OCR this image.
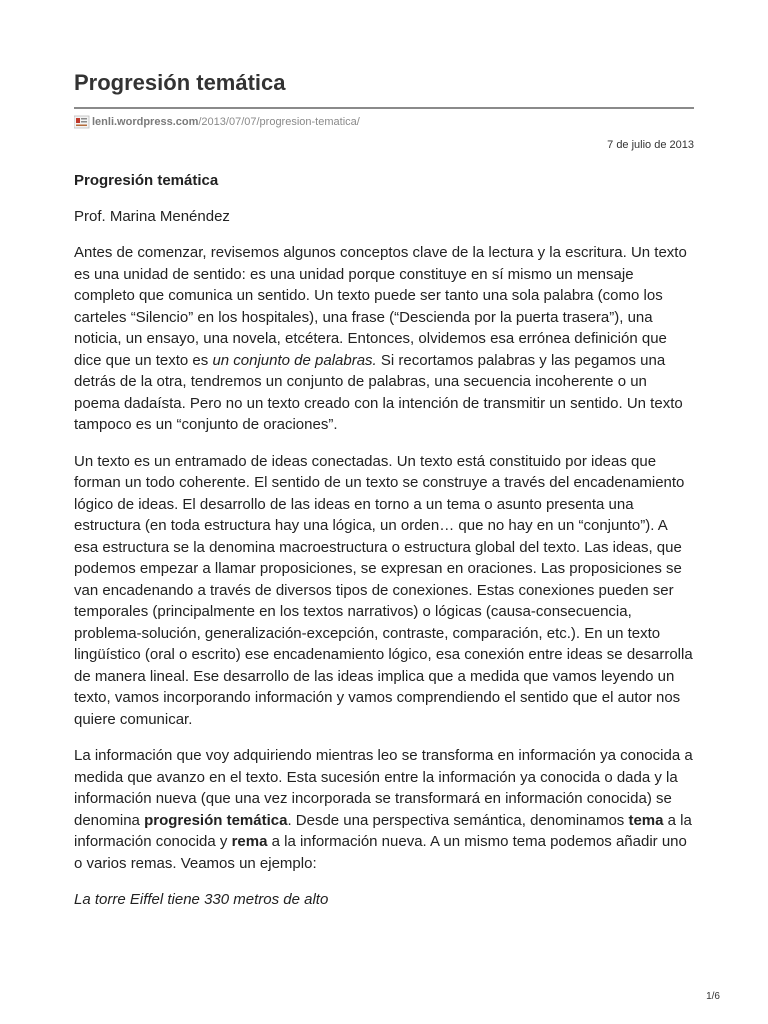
Progresión temática
lenli.wordpress.com /2013/07/07/progresion-tematica/
7 de julio de 2013

Progresión temática

Prof. Marina Menéndez

Antes de comenzar, revisemos algunos conceptos clave de la lectura y la escritura. Un texto es una unidad de sentido: es una unidad porque constituye en sí mismo un mensaje completo que comunica un sentido. Un texto puede ser tanto una sola palabra (como los carteles “Silencio” en los hospitales), una frase (“Descienda por la puerta trasera”), una noticia, un ensayo, una novela, etcétera. Entonces, olvidemos esa errónea definición que dice que un texto es un conjunto de palabras. Si recortamos palabras y las pegamos una detrás de la otra, tendremos un conjunto de palabras, una secuencia incoherente o un poema dadaísta. Pero no un texto creado con la intención de transmitir un sentido. Un texto tampoco es un “conjunto de oraciones”.

Un texto es un entramado de ideas conectadas. Un texto está constituido por ideas que forman un todo coherente. El sentido de un texto se construye a través del encadenamiento lógico de ideas. El desarrollo de las ideas en torno a un tema o asunto presenta una estructura (en toda estructura hay una lógica, un orden… que no hay en un “conjunto”). A esa estructura se la denomina macroestructura o estructura global del texto. Las ideas, que podemos empezar a llamar proposiciones, se expresan en oraciones. Las proposiciones se van encadenando a través de diversos tipos de conexiones. Estas conexiones pueden ser temporales (principalmente en los textos narrativos) o lógicas (causa-consecuencia, problema-solución, generalización-excepción, contraste, comparación, etc.). En un texto lingüístico (oral o escrito) ese encadenamiento lógico, esa conexión entre ideas se desarrolla de manera lineal. Ese desarrollo de las ideas implica que a medida que vamos leyendo un texto, vamos incorporando información y vamos comprendiendo el sentido que el autor nos quiere comunicar.

La información que voy adquiriendo mientras leo se transforma en información ya conocida a medida que avanzo en el texto. Esta sucesión entre la información ya conocida o dada y la información nueva (que una vez incorporada se transformará en información conocida) se denomina progresión temática. Desde una perspectiva semántica, denominamos tema a la información conocida y rema a la información nueva. A un mismo tema podemos añadir uno o varios remas. Veamos un ejemplo:

La torre Eiffel tiene 330 metros de alto

1/6
